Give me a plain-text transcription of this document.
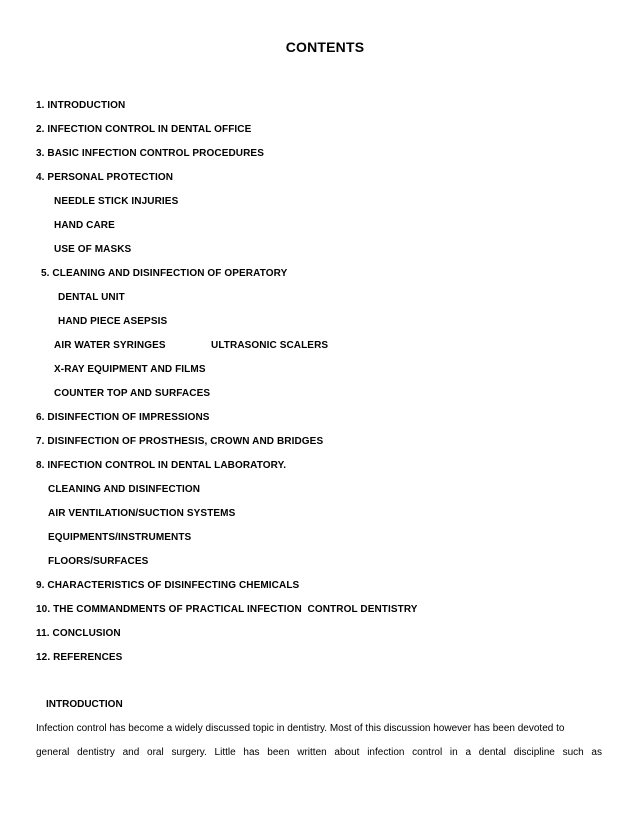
CONTENTS
1. INTRODUCTION
2. INFECTION CONTROL IN DENTAL OFFICE
3. BASIC INFECTION CONTROL PROCEDURES
4. PERSONAL PROTECTION
NEEDLE STICK INJURIES
HAND CARE
USE OF MASKS
5. CLEANING AND DISINFECTION OF OPERATORY
DENTAL UNIT
HAND PIECE ASEPSIS
AIR WATER SYRINGES	ULTRASONIC SCALERS
X-RAY EQUIPMENT AND FILMS
COUNTER TOP AND SURFACES
6. DISINFECTION OF IMPRESSIONS
7. DISINFECTION OF PROSTHESIS, CROWN AND BRIDGES
8. INFECTION CONTROL IN DENTAL LABORATORY.
CLEANING AND DISINFECTION
AIR VENTILATION/SUCTION SYSTEMS
EQUIPMENTS/INSTRUMENTS
FLOORS/SURFACES
9. CHARACTERISTICS OF DISINFECTING CHEMICALS
10. THE COMMANDMENTS OF PRACTICAL INFECTION  CONTROL DENTISTRY
11. CONCLUSION
12. REFERENCES
INTRODUCTION
Infection control has become a widely discussed topic in dentistry. Most of this discussion however has been devoted to
general dentistry and oral surgery. Little has been written about infection control in a dental discipline such as
